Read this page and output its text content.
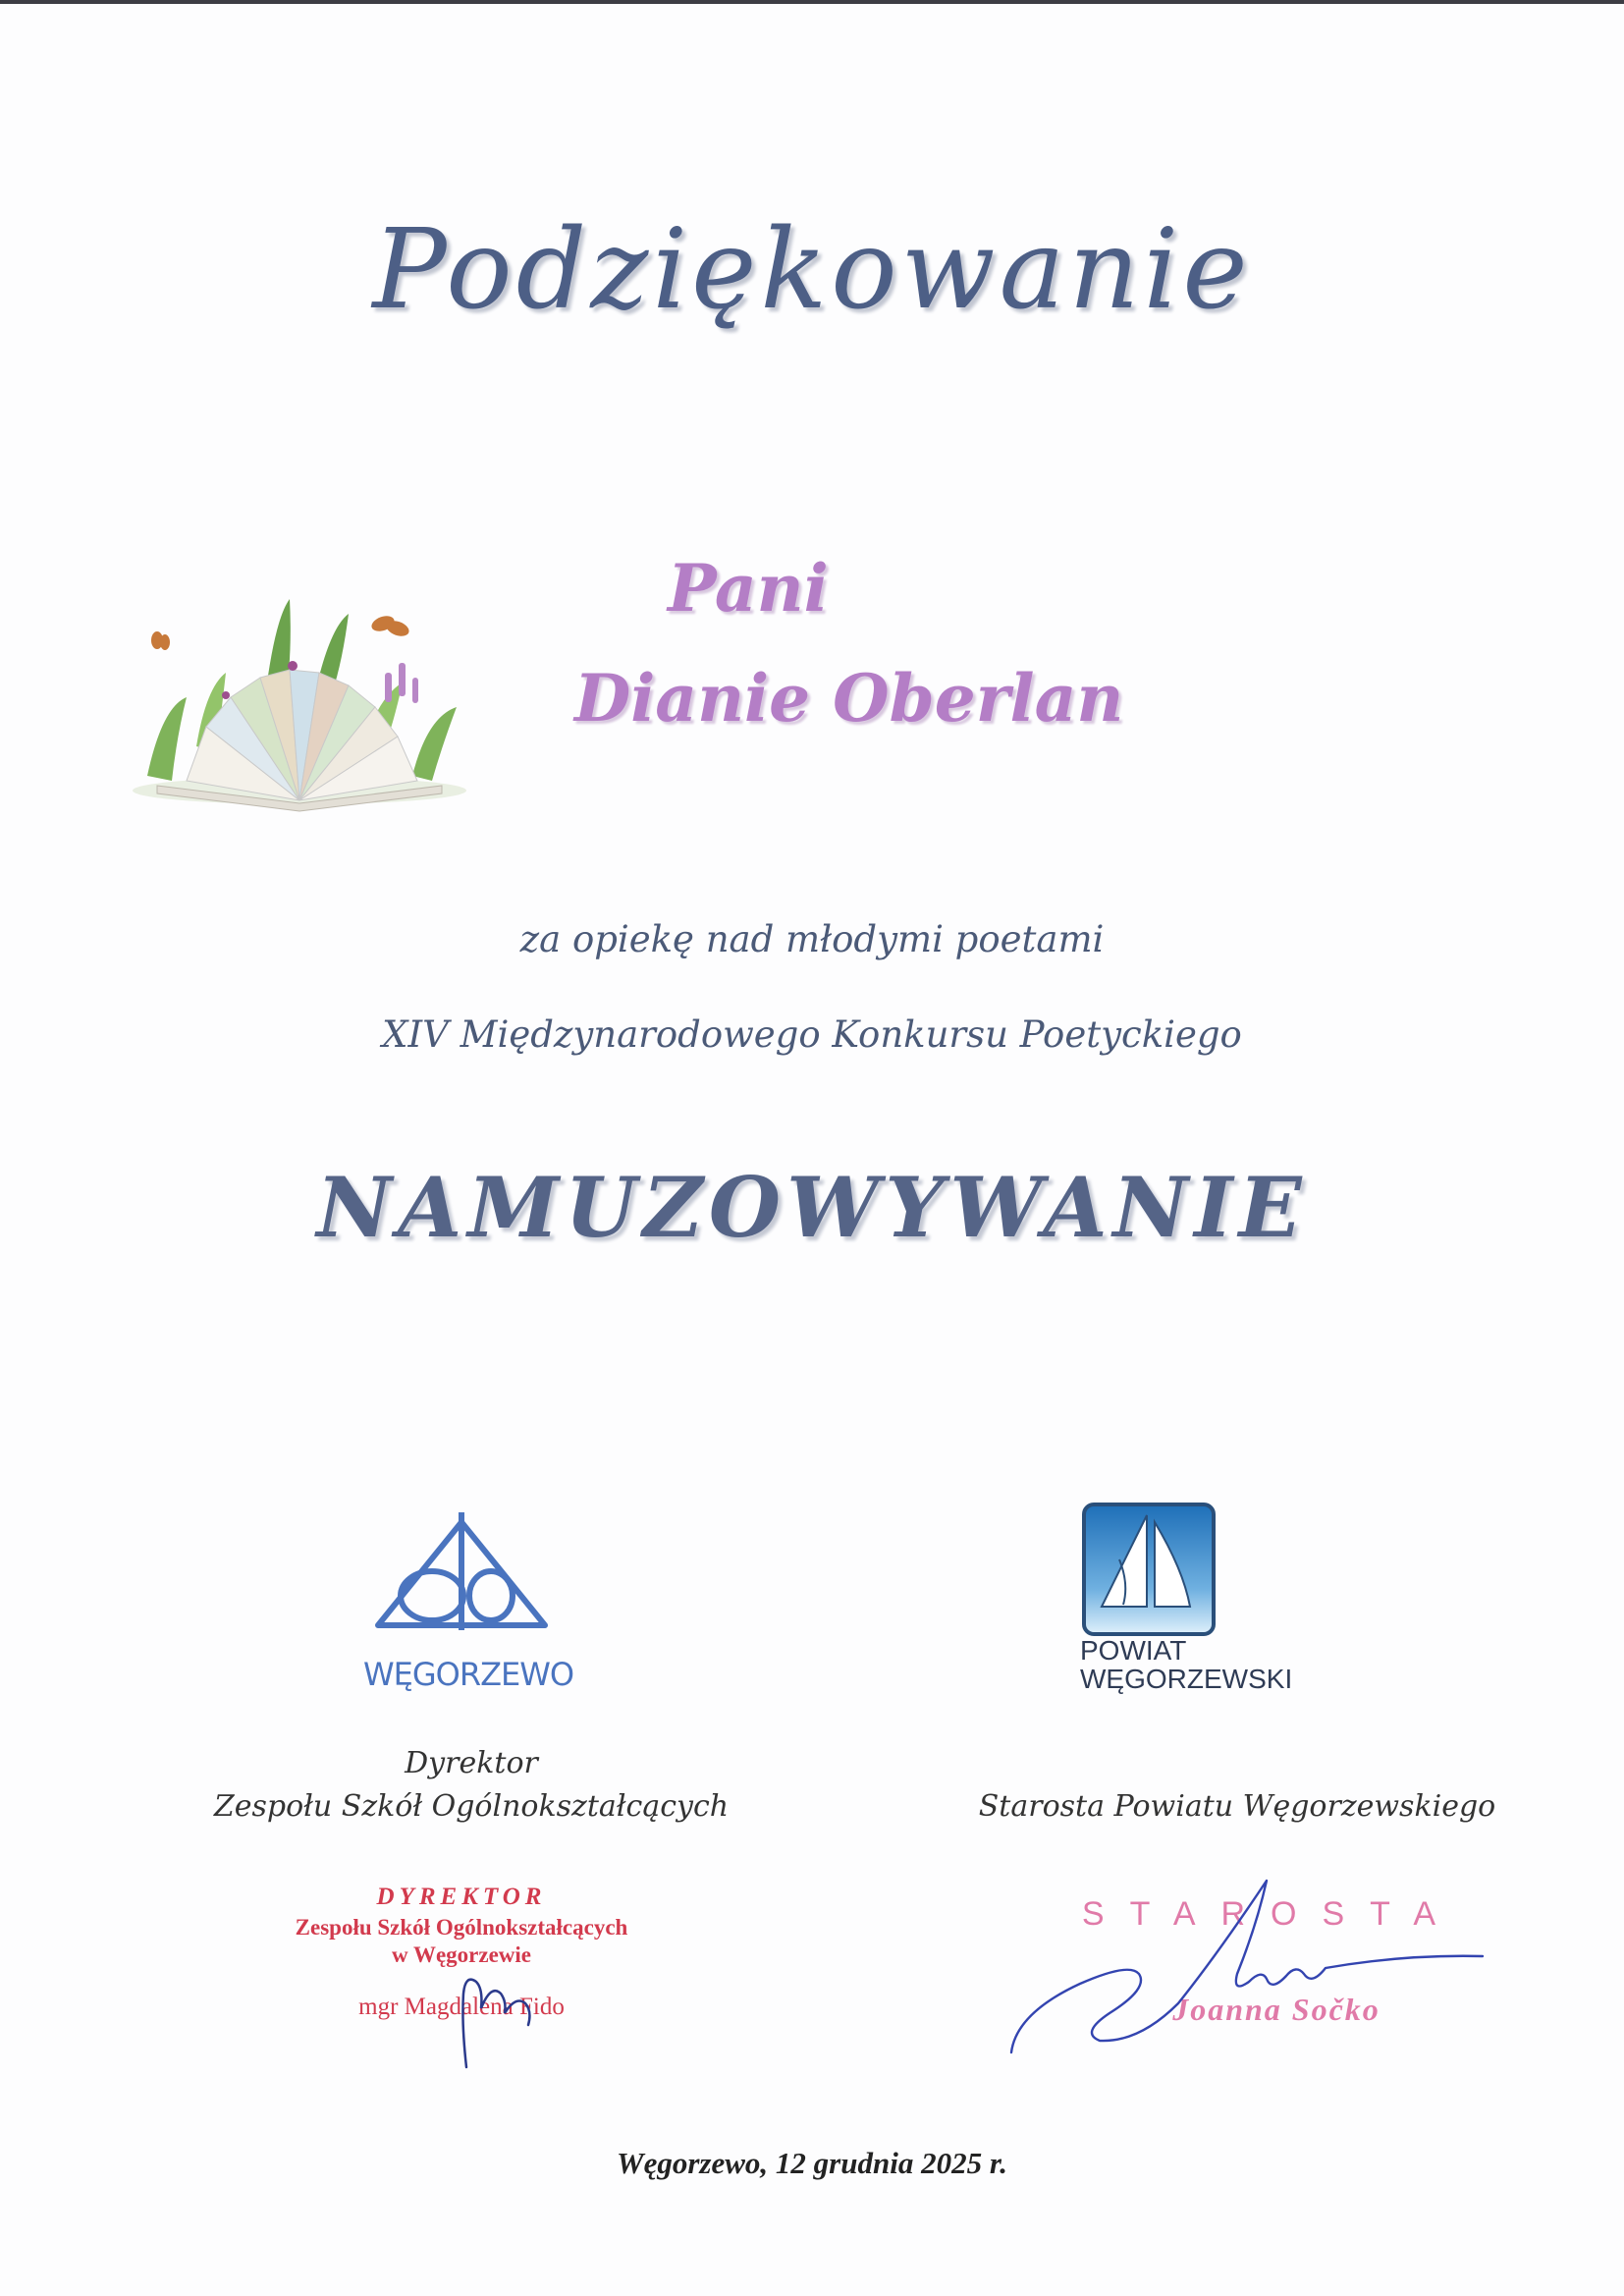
Podziękowanie
Pani
Dianie Oberlan
za opiekę nad młodymi poetami
XIV Międzynarodowego Konkursu Poetyckiego
NAMUZOWYWANIE
WĘGORZEWO
POWIAT
WĘGORZEWSKI
Dyrektor
Zespołu Szkół Ogólnokształcących
DYREKTOR
Zespołu Szkół Ogólnokształcących
w Węgorzewie
mgr Magdalena Fido
Starosta Powiatu Węgorzewskiego
STAROSTA
Joanna Sočko
Węgorzewo, 12 grudnia 2025 r.
